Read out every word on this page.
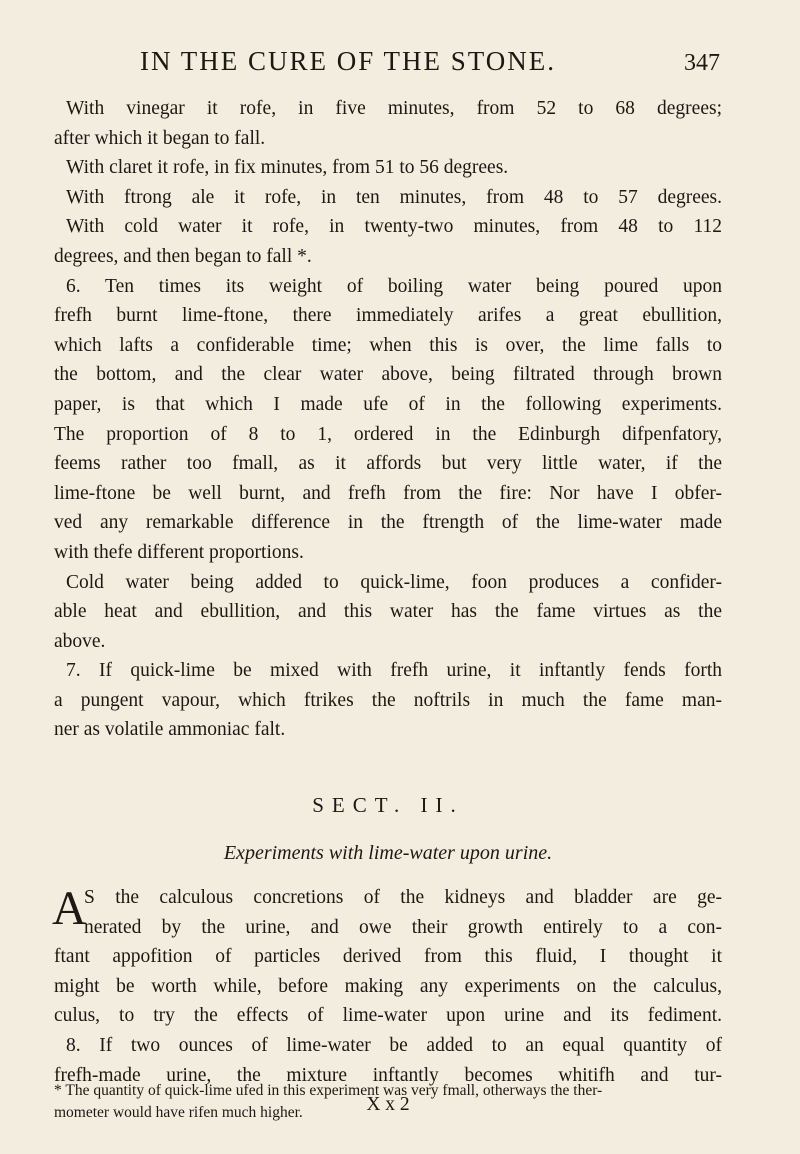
IN THE CURE OF THE STONE.	347
With vinegar it rofe, in five minutes, from 52 to 68 degrees;
after which it began to fall.
With claret it rofe, in fix minutes, from 51 to 56 degrees.
With ftrong ale it rofe, in ten minutes, from 48 to 57 degrees.
With cold water it rofe, in twenty-two minutes, from 48 to 112
degrees, and then began to fall *.
6. Ten times its weight of boiling water being poured upon
frefh burnt lime-ftone, there immediately arifes a great ebullition,
which lafts a confiderable time; when this is over, the lime falls to
the bottom, and the clear water above, being filtrated through brown
paper, is that which I made ufe of in the following experiments.
The proportion of 8 to 1, ordered in the Edinburgh difpenfatory,
feems rather too fmall, as it affords but very little water, if the
lime-ftone be well burnt, and frefh from the fire: Nor have I obfer-
ved any remarkable difference in the ftrength of the lime-water made
with thefe different proportions.
Cold water being added to quick-lime, foon produces a confider-
able heat and ebullition, and this water has the fame virtues as the
above.
7. If quick-lime be mixed with frefh urine, it inftantly fends forth
a pungent vapour, which ftrikes the noftrils in much the fame man-
ner as volatile ammoniac falt.
SECT. II.
Experiments with lime-water upon urine.
A
S the calculous concretions of the kidneys and bladder are ge-
nerated by the urine, and owe their growth entirely to a con-
ftant appofition of particles derived from this fluid, I thought it
might be worth while, before making any experiments on the calculus,
culus, to try the effects of lime-water upon urine and its fediment.
8. If two ounces of lime-water be added to an equal quantity of
frefh-made urine, the mixture inftantly becomes whitifh and tur-
X x 2
* The quantity of quick-lime ufed in this experiment was very fmall, otherways the ther-
mometer would have rifen much higher.
